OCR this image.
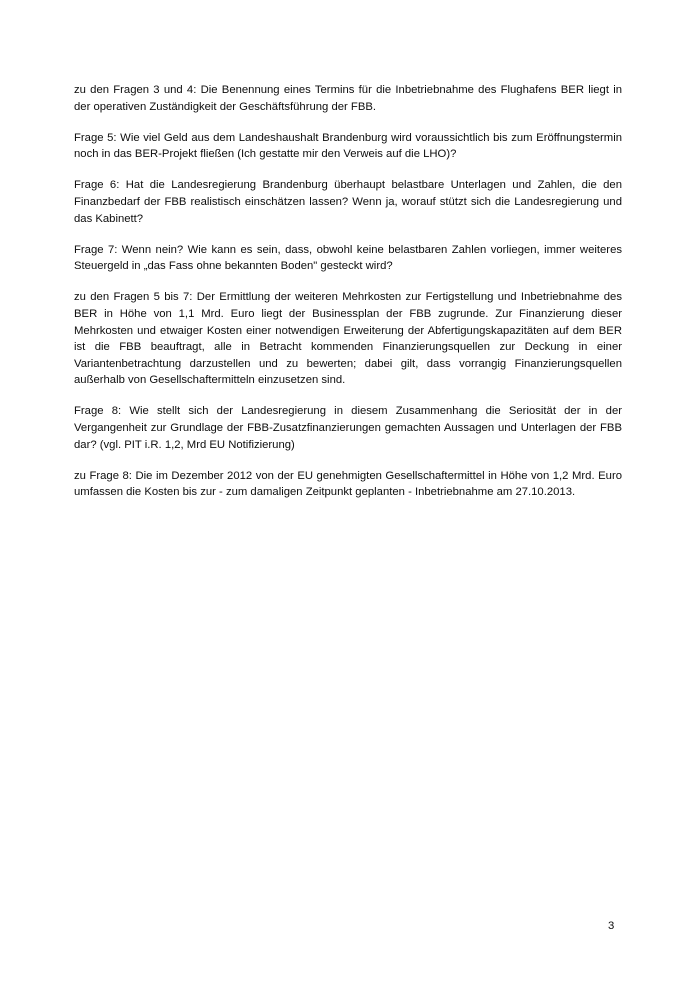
zu den Fragen 3 und 4: Die Benennung eines Termins für die Inbetriebnahme des Flughafens BER liegt in der operativen Zuständigkeit der Geschäftsführung der FBB.

Frage 5: Wie viel Geld aus dem Landeshaushalt Brandenburg wird voraussichtlich bis zum Eröffnungstermin noch in das BER-Projekt fließen (Ich gestatte mir den Verweis auf die LHO)?

Frage 6: Hat die Landesregierung Brandenburg überhaupt belastbare Unterlagen und Zahlen, die den Finanzbedarf der FBB realistisch einschätzen lassen? Wenn ja, worauf stützt sich die Landesregierung und das Kabinett?

Frage 7: Wenn nein? Wie kann es sein, dass, obwohl keine belastbaren Zahlen vorliegen, immer weiteres Steuergeld in „das Fass ohne bekannten Boden" gesteckt wird?

zu den Fragen 5 bis 7: Der Ermittlung der weiteren Mehrkosten zur Fertigstellung und Inbetriebnahme des BER in Höhe von 1,1 Mrd. Euro liegt der Businessplan der FBB zugrunde. Zur Finanzierung dieser Mehrkosten und etwaiger Kosten einer notwendigen Erweiterung der Abfertigungskapazitäten auf dem BER ist die FBB beauftragt, alle in Betracht kommenden Finanzierungsquellen zur Deckung in einer Variantenbetrachtung darzustellen und zu bewerten; dabei gilt, dass vorrangig Finanzierungsquellen außerhalb von Gesellschaftermitteln einzusetzen sind.

Frage 8: Wie stellt sich der Landesregierung in diesem Zusammenhang die Seriosität der in der Vergangenheit zur Grundlage der FBB-Zusatzfinanzierungen gemachten Aussagen und Unterlagen der FBB dar? (vgl. PIT i.R. 1,2, Mrd EU Notifizierung)

zu Frage 8: Die im Dezember 2012 von der EU genehmigten Gesellschaftermittel in Höhe von 1,2 Mrd. Euro umfassen die Kosten bis zur - zum damaligen Zeitpunkt geplanten - Inbetriebnahme am 27.10.2013.

3
